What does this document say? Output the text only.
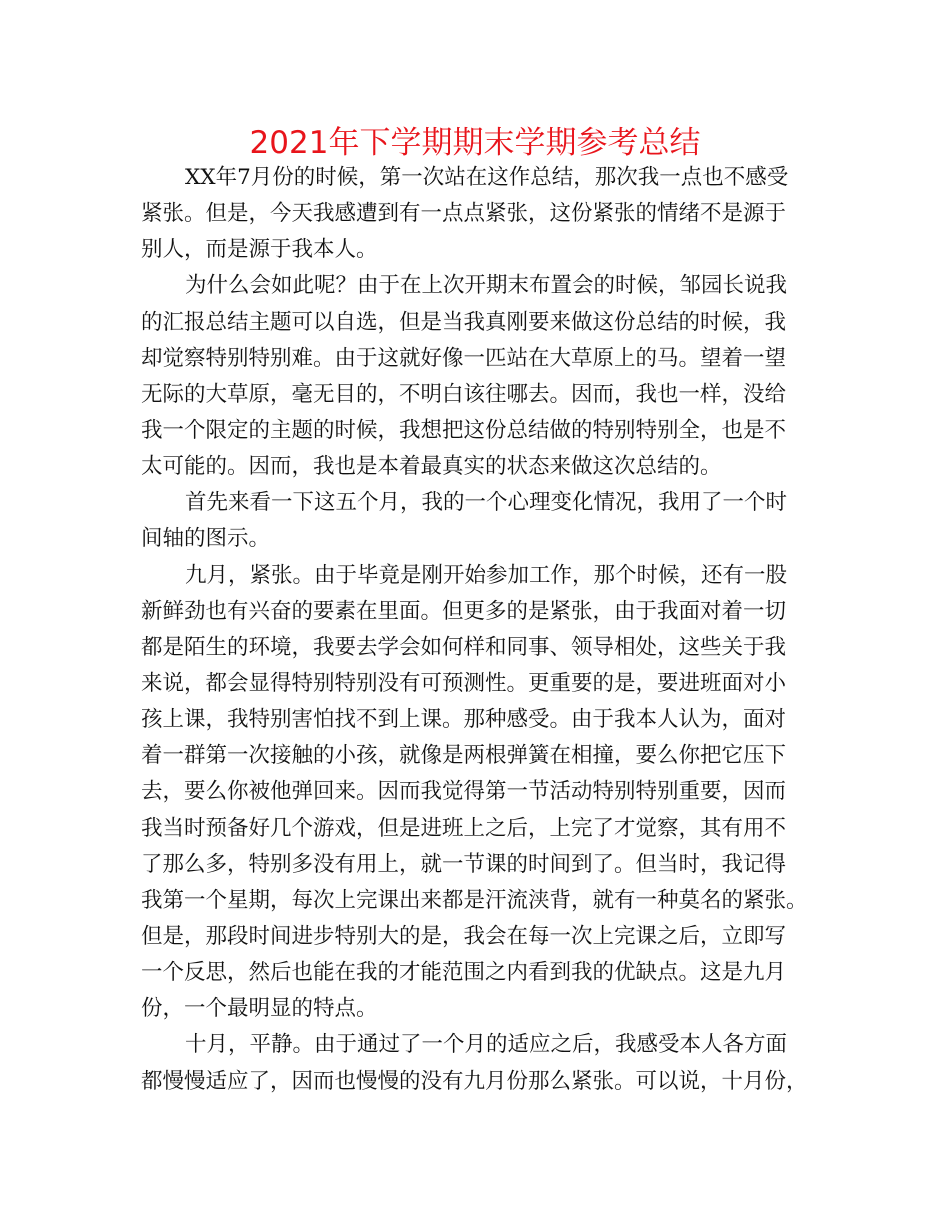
2021年下学期期末学期参考总结
XX年7月份的时候，第一次站在这作总结，那次我一点也不感受
紧张。但是，今天我感遭到有一点点紧张，这份紧张的情绪不是源于
别人，而是源于我本人。
为什么会如此呢？由于在上次开期末布置会的时候，邹园长说我
的汇报总结主题可以自选，但是当我真刚要来做这份总结的时候，我
却觉察特别特别难。由于这就好像一匹站在大草原上的马。望着一望
无际的大草原，毫无目的，不明白该往哪去。因而，我也一样，没给
我一个限定的主题的时候，我想把这份总结做的特别特别全，也是不
太可能的。因而，我也是本着最真实的状态来做这次总结的。
首先来看一下这五个月，我的一个心理变化情况，我用了一个时
间轴的图示。
九月，紧张。由于毕竟是刚开始参加工作，那个时候，还有一股
新鲜劲也有兴奋的要素在里面。但更多的是紧张，由于我面对着一切
都是陌生的环境，我要去学会如何样和同事、领导相处，这些关于我
来说，都会显得特别特别没有可预测性。更重要的是，要进班面对小
孩上课，我特别害怕找不到上课。那种感受。由于我本人认为，面对
着一群第一次接触的小孩，就像是两根弹簧在相撞，要么你把它压下
去，要么你被他弹回来。因而我觉得第一节活动特别特别重要，因而
我当时预备好几个游戏，但是进班上之后，上完了才觉察，其有用不
了那么多，特别多没有用上，就一节课的时间到了。但当时，我记得
我第一个星期，每次上完课出来都是汗流浃背，就有一种莫名的紧张。
但是，那段时间进步特别大的是，我会在每一次上完课之后，立即写
一个反思，然后也能在我的才能范围之内看到我的优缺点。这是九月
份，一个最明显的特点。
十月，平静。由于通过了一个月的适应之后，我感受本人各方面
都慢慢适应了，因而也慢慢的没有九月份那么紧张。可以说，十月份，
